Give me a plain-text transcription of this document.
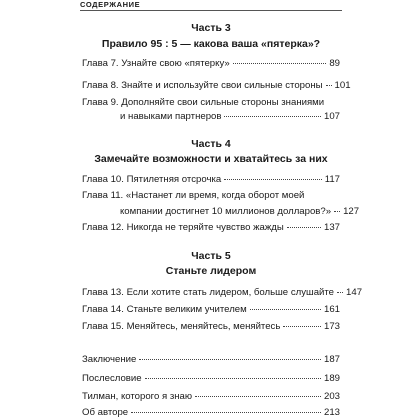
СОДЕРЖАНИЕ
Часть 3
Правило 95 : 5 — какова ваша «пятерка»?
Глава 7. Узнайте свою «пятерку»	89
Глава 8. Знайте и используйте свои сильные стороны 101
Глава 9. Дополняйте свои сильные стороны знаниями
и навыками партнеров	107
Часть 4
Замечайте возможности и хватайтесь за них
Глава 10. Пятилетняя отсрочка	117
Глава 11. «Настанет ли время, когда оборот моей
компании достигнет 10 миллионов долларов?» 127
Глава 12. Никогда не теряйте чувство жажды	137
Часть 5
Станьте лидером
Глава 13. Если хотите стать лидером, больше слушайте 147
Глава 14. Станьте великим учителем	161
Глава 15. Меняйтесь, меняйтесь, меняйтесь	173
Заключение	187
Послесловие	189
Тилман, которого я знаю	203
Об авторе	213
